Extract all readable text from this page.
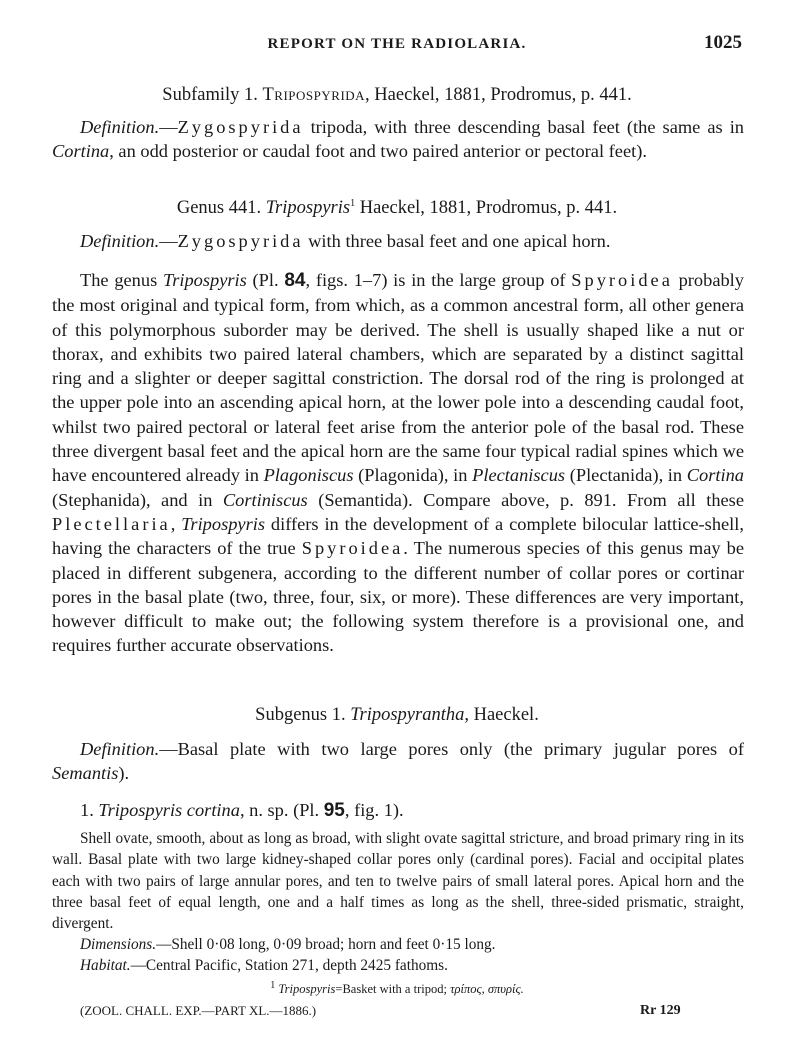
REPORT ON THE RADIOLARIA.	1025
Subfamily 1. Tripospyrida, Haeckel, 1881, Prodromus, p. 441.

Definition.—Zygospyrida tripoda, with three descending basal feet (the same as in Cortina, an odd posterior or caudal foot and two paired anterior or pectoral feet).

Genus 441. Tripospyris$^1$ Haeckel, 1881, Prodromus, p. 441.

Definition.—Zygospyrida with three basal feet and one apical horn.

The genus Tripospyris (Pl. 84, figs. 1–7) is in the large group of Spyroidea probably the most original and typical form, from which, as a common ancestral form, all other genera of this polymorphous suborder may be derived. The shell is usually shaped like a nut or thorax, and exhibits two paired lateral chambers, which are separated by a distinct sagittal ring and a slighter or deeper sagittal constriction. The dorsal rod of the ring is prolonged at the upper pole into an ascending apical horn, at the lower pole into a descending caudal foot, whilst two paired pectoral or lateral feet arise from the anterior pole of the basal rod. These three divergent basal feet and the apical horn are the same four typical radial spines which we have encountered already in Plagoniscus (Plagonida), in Plectaniscus (Plectanida), in Cortina (Stephanida), and in Cortiniscus (Semantida). Compare above, p. 891. From all these Plectellaria, Tripospyris differs in the development of a complete bilocular lattice-shell, having the characters of the true Spyroidea. The numerous species of this genus may be placed in different subgenera, according to the different number of collar pores or cortinar pores in the basal plate (two, three, four, six, or more). These differences are very important, however difficult to make out; the following system therefore is a provisional one, and requires further accurate observations.

Subgenus 1. Tripospyrantha, Haeckel.

Definition.—Basal plate with two large pores only (the primary jugular pores of Semantis).

1. Tripospyris cortina, n. sp. (Pl. 95, fig. 1).

Shell ovate, smooth, about as long as broad, with slight ovate sagittal stricture, and broad primary ring in its wall. Basal plate with two large kidney-shaped collar pores only (cardinal pores). Facial and occipital plates each with two pairs of large annular pores, and ten to twelve pairs of small lateral pores. Apical horn and the three basal feet of equal length, one and a half times as long as the shell, three-sided prismatic, straight, divergent.

Dimensions.—Shell 0·08 long, 0·09 broad; horn and feet 0·15 long.

Habitat.—Central Pacific, Station 271, depth 2425 fathoms.

$^1$ Tripospyris=Basket with a tripod; τρίπος, σπυρίς.
(ZOOL. CHALL. EXP.—PART XL.—1886.)	Rr 129
